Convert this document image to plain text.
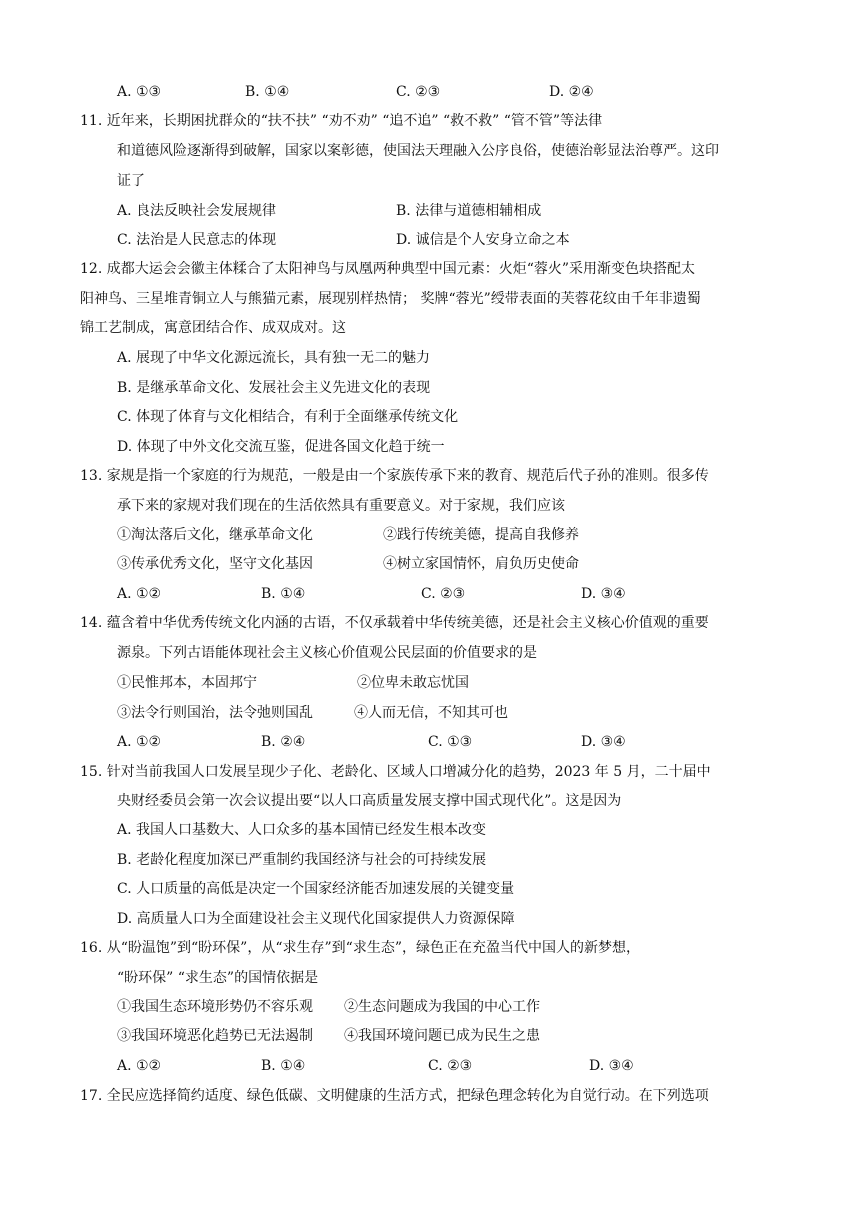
A. ①③	B. ①④	C. ②③	D. ②④
11. 近年来，长期困扰群众的“扶不扶” “劝不劝” “追不追” “救不救” “管不管”等法律
和道德风险逐渐得到破解，国家以案彰德，使国法天理融入公序良俗，使德治彰显法治尊严。这印
证了
A. 良法反映社会发展规律	B. 法律与道德相辅相成
C. 法治是人民意志的体现	D. 诚信是个人安身立命之本
12. 成都大运会会徽主体糅合了太阳神鸟与凤凰两种典型中国元素：火炬“蓉火”采用渐变色块搭配太
阳神鸟、三星堆青铜立人与熊猫元素，展现别样热情； 奖牌“蓉光”绶带表面的芙蓉花纹由千年非遗蜀
锦工艺制成，寓意团结合作、成双成对。这
A. 展现了中华文化源远流长，具有独一无二的魅力
B. 是继承革命文化、发展社会主义先进文化的表现
C. 体现了体育与文化相结合，有利于全面继承传统文化
D. 体现了中外文化交流互鉴，促进各国文化趋于统一
13. 家规是指一个家庭的行为规范，一般是由一个家族传承下来的教育、规范后代子孙的准则。很多传
承下来的家规对我们现在的生活依然具有重要意义。对于家规，我们应该
①淘汰落后文化，继承革命文化	②践行传统美德，提高自我修养
③传承优秀文化，坚守文化基因	④树立家国情怀，肩负历史使命
A. ①②	B. ①④	C. ②③	D. ③④
14. 蕴含着中华优秀传统文化内涵的古语，不仅承载着中华传统美德，还是社会主义核心价值观的重要
源泉。下列古语能体现社会主义核心价值观公民层面的价值要求的是
①民惟邦本，本固邦宁	②位卑未敢忘忧国
③法令行则国治，法令弛则国乱	④人而无信，不知其可也
A. ①②	B. ②④	C. ①③	D. ③④
15. 针对当前我国人口发展呈现少子化、老龄化、区域人口增减分化的趋势，2023 年 5 月，二十届中
央财经委员会第一次会议提出要“以人口高质量发展支撑中国式现代化”。这是因为
A. 我国人口基数大、人口众多的基本国情已经发生根本改变
B. 老龄化程度加深已严重制约我国经济与社会的可持续发展
C. 人口质量的高低是决定一个国家经济能否加速发展的关键变量
D. 高质量人口为全面建设社会主义现代化国家提供人力资源保障
16. 从“盼温饱”到“盼环保”，从“求生存”到“求生态”，绿色正在充盈当代中国人的新梦想，
“盼环保” “求生态”的国情依据是
①我国生态环境形势仍不容乐观 ②生态问题成为我国的中心工作
③我国环境恶化趋势已无法遏制 ④我国环境问题已成为民生之患
A. ①②	B. ①④	C. ②③	D. ③④
17. 全民应选择简约适度、绿色低碳、文明健康的生活方式，把绿色理念转化为自觉行动。在下列选项
